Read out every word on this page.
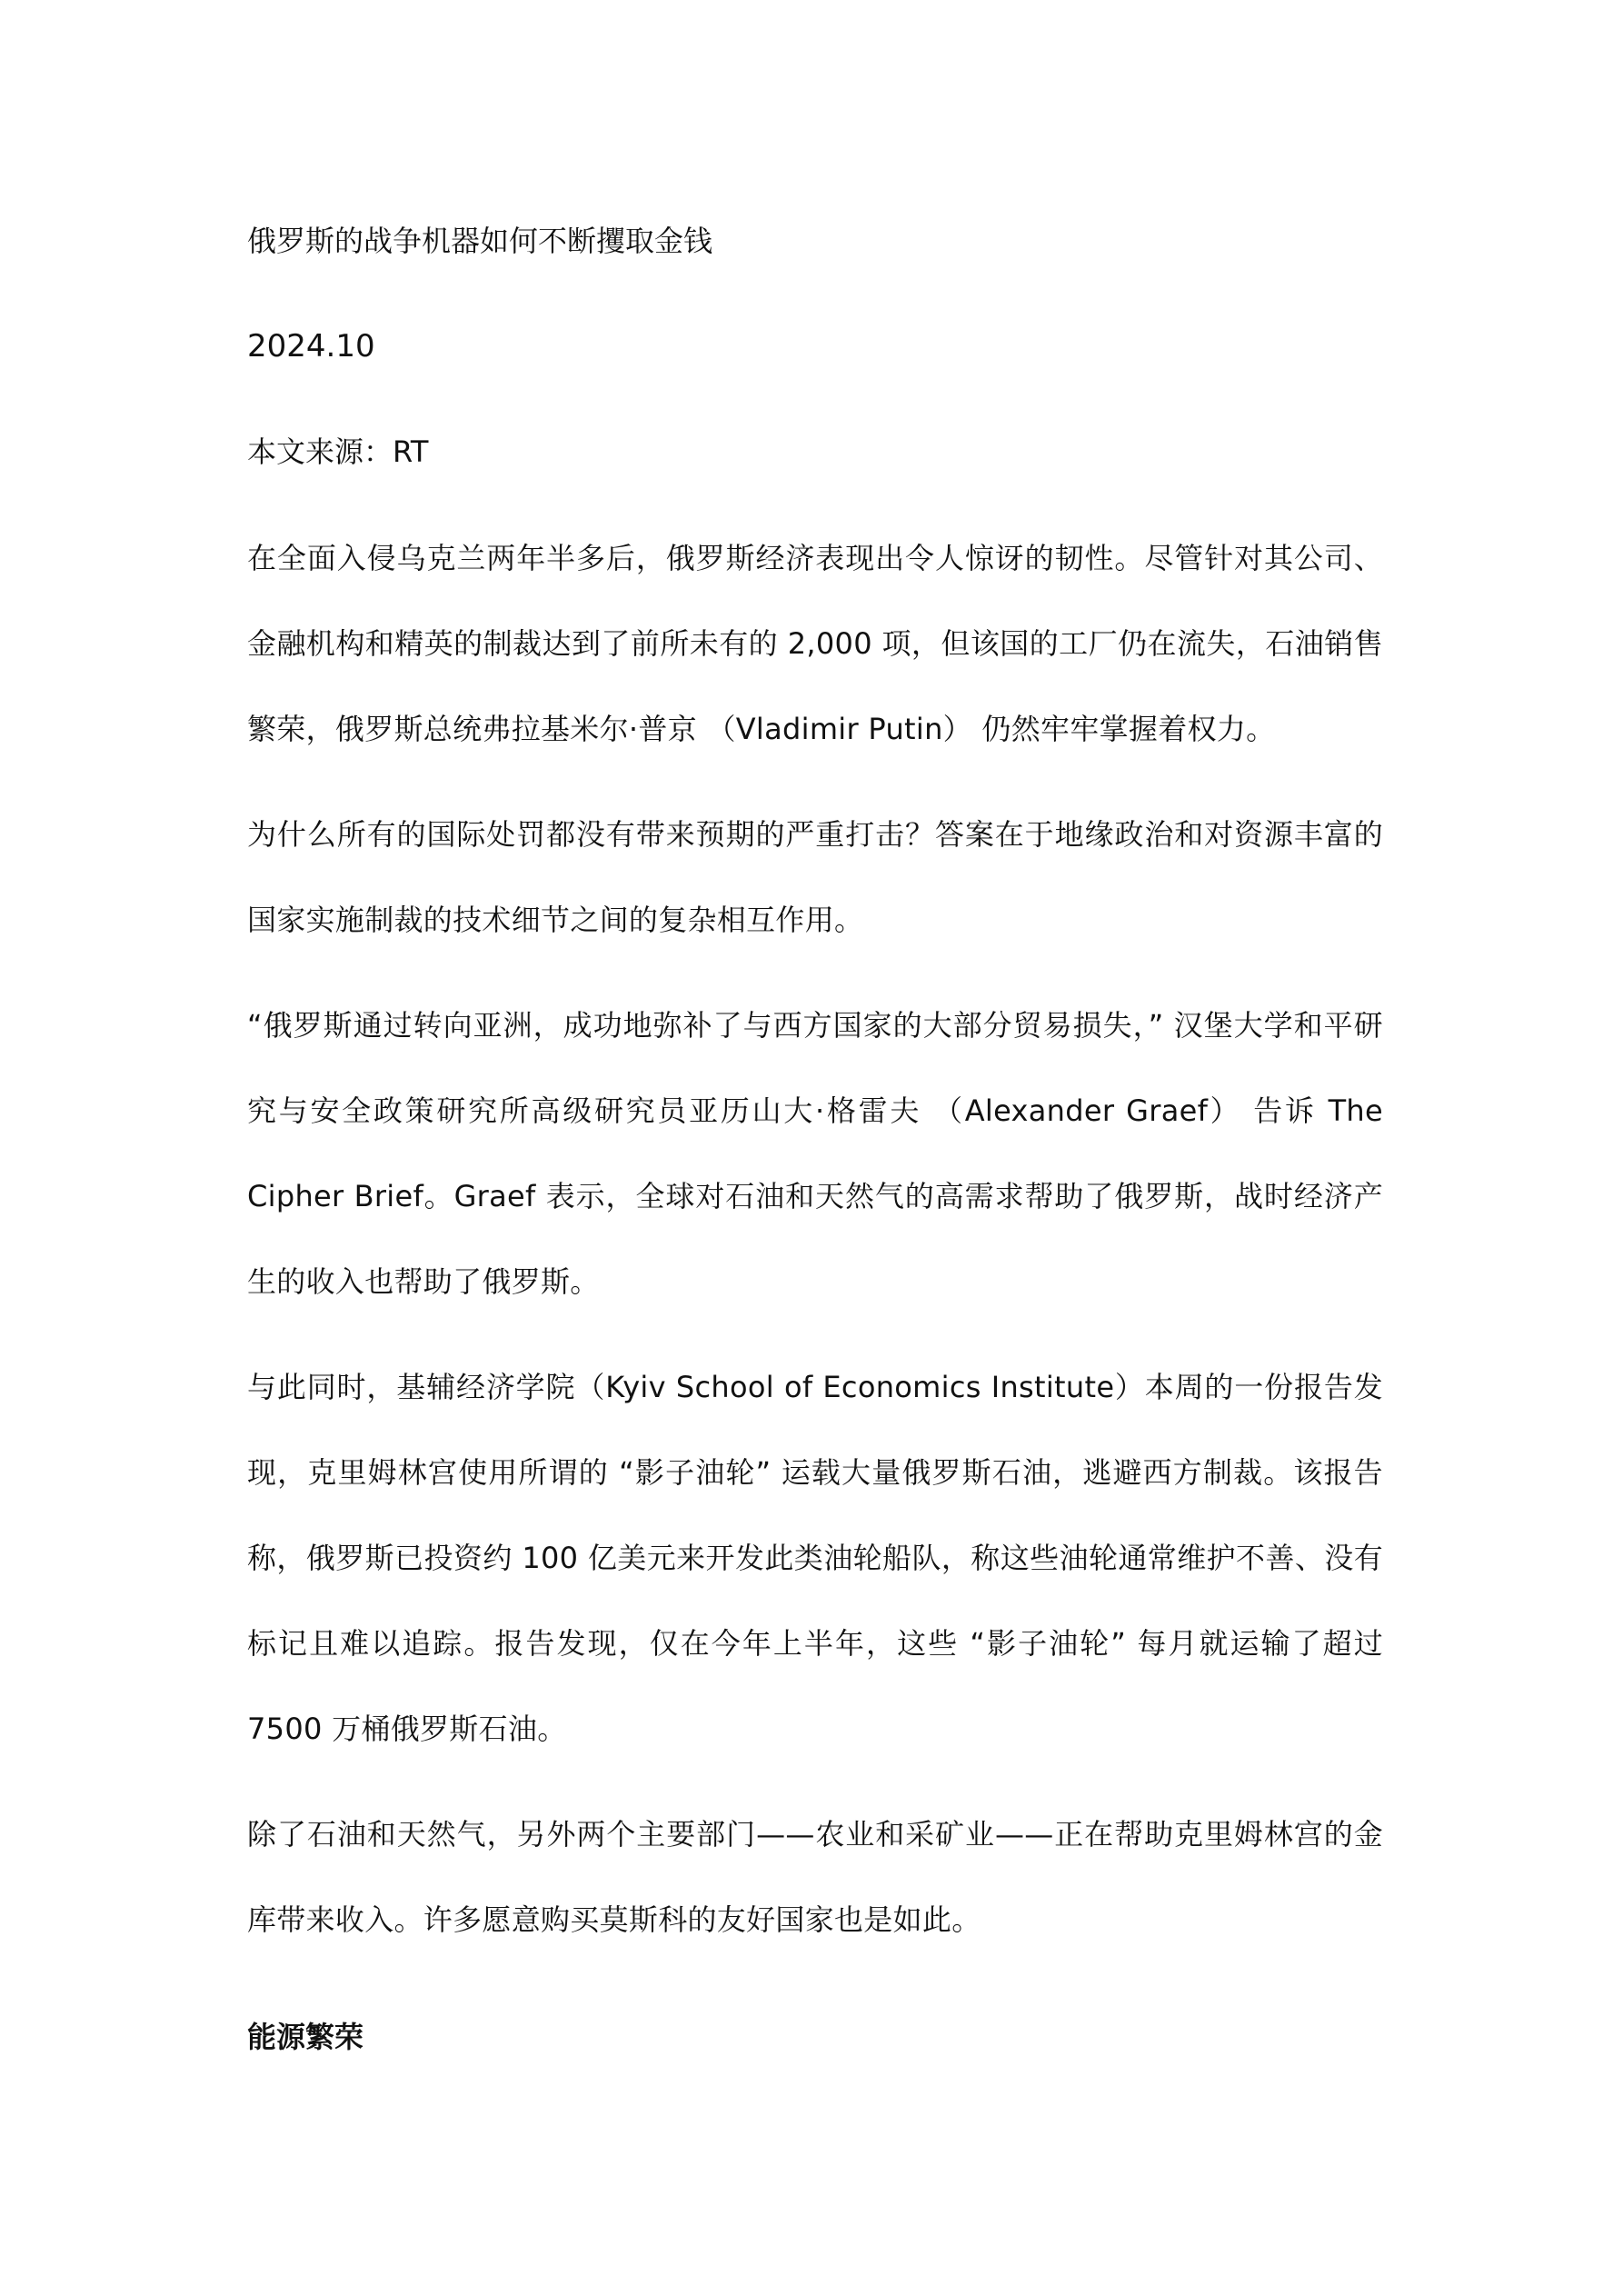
俄罗斯的战争机器如何不断攫取金钱
2024.10
本文来源：RT

在全面入侵乌克兰两年半多后，俄罗斯经济表现出令人惊讶的韧性。尽管针对其公司、金融机构和精英的制裁达到了前所未有的 2,000 项，但该国的工厂仍在流失，石油销售繁荣，俄罗斯总统弗拉基米尔·普京 （Vladimir Putin） 仍然牢牢掌握着权力。

为什么所有的国际处罚都没有带来预期的严重打击？答案在于地缘政治和对资源丰富的国家实施制裁的技术细节之间的复杂相互作用。

“俄罗斯通过转向亚洲，成功地弥补了与西方国家的大部分贸易损失，” 汉堡大学和平研究与安全政策研究所高级研究员亚历山大·格雷夫 （Alexander Graef） 告诉 The Cipher Brief。Graef 表示，全球对石油和天然气的高需求帮助了俄罗斯，战时经济产生的收入也帮助了俄罗斯。

与此同时，基辅经济学院（Kyiv School of Economics Institute）本周的一份报告发现，克里姆林宫使用所谓的 “影子油轮” 运载大量俄罗斯石油，逃避西方制裁。该报告称，俄罗斯已投资约 100 亿美元来开发此类油轮船队，称这些油轮通常维护不善、没有标记且难以追踪。报告发现，仅在今年上半年，这些 “影子油轮” 每月就运输了超过 7500 万桶俄罗斯石油。

除了石油和天然气，另外两个主要部门——农业和采矿业——正在帮助克里姆林宫的金库带来收入。许多愿意购买莫斯科的友好国家也是如此。

能源繁荣
